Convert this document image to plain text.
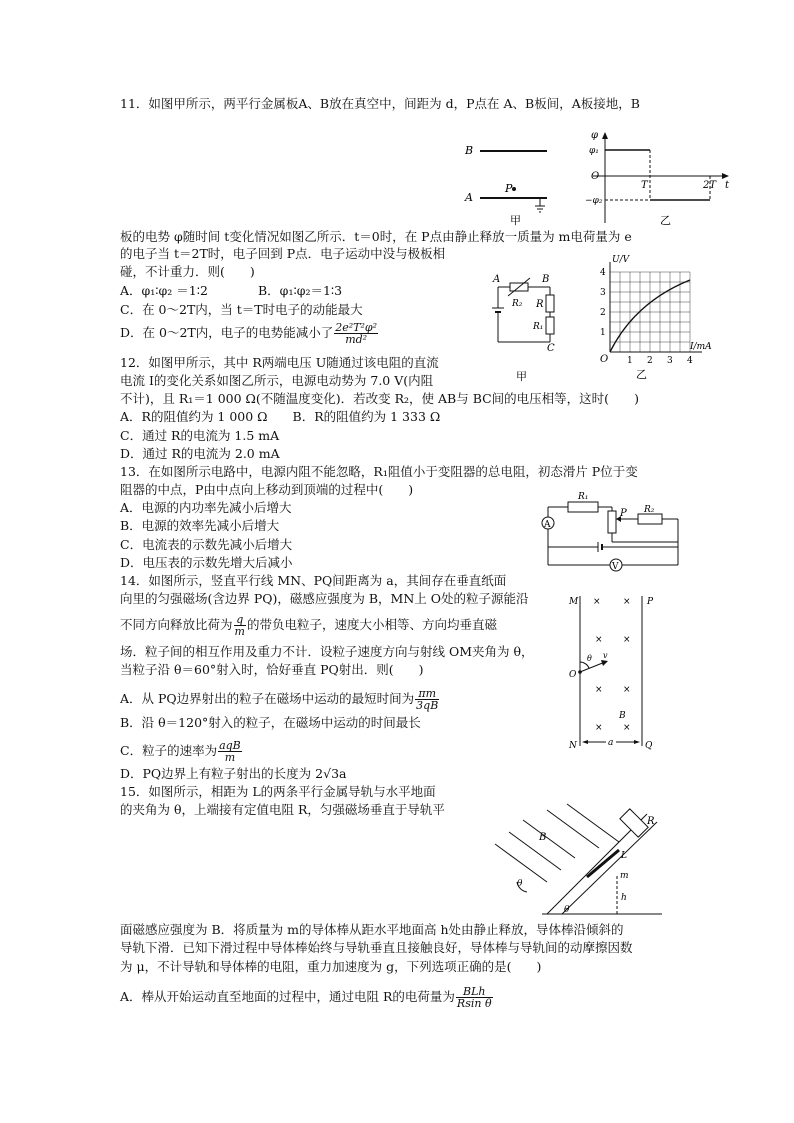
11．如图甲所示，两平行金属板A、B放在真空中，间距为 d，P点在 A、B板间，A板接地，B
B
A
P
甲
φ
t
φ₁
O
−φ₂
T	2T
乙
板的电势 φ随时间 t变化情况如图乙所示．t＝0时，在 P点由静止释放一质量为 m电荷量为 e
的电子当 t＝2T时，电子回到 P点．电子运动中没与极板相
碰，不计重力．则(　　)
A．φ₁∶φ₂ ＝1∶2	B．φ₁∶φ₂＝1∶3
C．在 0～2T内，当 t＝T时电子的动能最大
D．在 0～2T内，电子的电势能减小了 $\frac{\text{2e²T²φ²}}{\text{md²}}$
A	B
R₂ R
R₁
C
甲
U/V
I/mA
O
1
2
3
4
1 2 3 4
乙
12．如图甲所示，其中 R两端电压 U随通过该电阻的直流
电流 I的变化关系如图乙所示，电源电动势为 7.0 V(内阻
不计)，且 R₁＝1 000 Ω(不随温度变化)．若改变 R₂，使 AB与 BC间的电压相等，这时(　　)
A．R的阻值约为 1 000 Ω　　B．R的阻值约为 1 333 Ω
C．通过 R的电流为 1.5 mA
D．通过 R的电流为 2.0 mA
13．在如图所示电路中，电源内阻不能忽略，R₁阻值小于变阻器的总电阻，初态滑片 P位于变
阻器的中点，P由中点向上移动到顶端的过程中(　　)
A．电源的内功率先减小后增大
B．电源的效率先减小后增大
C．电流表的示数先减小后增大
D．电压表的示数先增大后减小
R₁
P R₂
A
V
14．如图所示，竖直平行线 MN、PQ间距离为 a，其间存在垂直纸面
向里的匀强磁场(含边界 PQ)，磁感应强度为 B，MN上 O处的粒子源能沿
不同方向释放比荷为 $\frac{q}{m}$ 的带负电粒子，速度大小相等、方向均垂直磁
场．粒子间的相互作用及重力不计．设粒子速度方向与射线 OM夹角为 θ，
当粒子沿 θ＝60°射入时，恰好垂直 PQ射出．则(　　)
A．从 PQ边界射出的粒子在磁场中运动的最短时间为 $\frac{\pi m}{3qB}$
B．沿 θ＝120°射入的粒子，在磁场中运动的时间最长
C．粒子的速率为 $\frac{\text{aqB}}{m}$
D．PQ边界上有粒子射出的长度为 2√3a
M	P
N	Q
× ×
× ×
× ×
× ×
O
v
θ
B
a
15．如图所示，相距为 L的两条平行金属导轨与水平地面
的夹角为 θ，上端接有定值电阻 R，匀强磁场垂直于导轨平
R
B
L
m
h
θ
θ
面磁感应强度为 B．将质量为 m的导体棒从距水平地面高 h处由静止释放，导体棒沿倾斜的
导轨下滑．已知下滑过程中导体棒始终与导轨垂直且接触良好，导体棒与导轨间的动摩擦因数
为 μ，不计导轨和导体棒的电阻，重力加速度为 g，下列选项正确的是(　　)
A．棒从开始运动直至地面的过程中，通过电阻 R的电荷量为 $\frac{\text{BLh}}{\text{Rsin θ}}$
